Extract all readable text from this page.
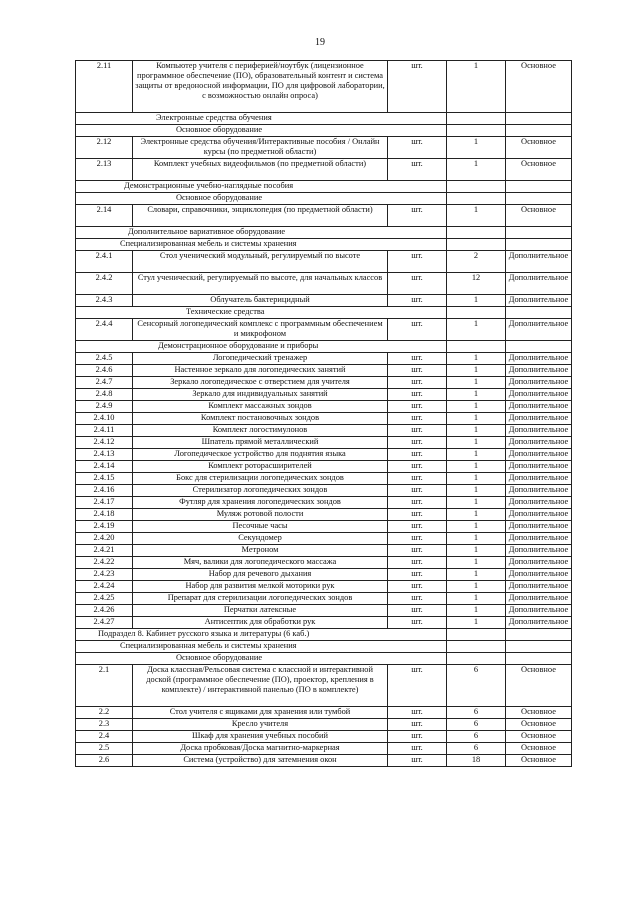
19
2.11	Компьютер учителя с периферией/ноутбук (лицензионное программное обеспечение (ПО), образовательный контент и система защиты от вредоносной информации, ПО для цифровой лаборатории, с возможностью онлайн опроса)	шт.	1	Основное
Электронные средства обучения				
Основное оборудование				
2.12	Электронные средства обучения/Интерактивные пособия / Онлайн курсы (по предметной области)	шт.	1	Основное
2.13	Комплект учебных видеофильмов (по предметной области)	шт.	1	Основное
Демонстрационные учебно-наглядные пособия				
Основное оборудование				
2.14	Словари, справочники, энциклопедия (по предметной области)	шт.	1	Основное
Дополнительное вариативное оборудование				
Специализированная мебель и системы хранения				
2.4.1	Стол ученический модульный, регулируемый по высоте	шт.	2	Дополнительное
2.4.2	Стул ученический, регулируемый по высоте, для начальных классов	шт.	12	Дополнительное
2.4.3	Облучатель бактерицидный	шт.	1	Дополнительное
Технические средства				
2.4.4	Сенсорный логопедический комплекс с программным обеспечением и микрофоном	шт.	1	Дополнительное
Демонстрационное оборудование и приборы				
2.4.5	Логопедический тренажер	шт.	1	Дополнительное
2.4.6	Настенное зеркало для логопедических занятий	шт.	1	Дополнительное
2.4.7	Зеркало логопедическое с отверстием для учителя	шт.	1	Дополнительное
2.4.8	Зеркало для индивидуальных занятий	шт.	1	Дополнительное
2.4.9	Комплект массажных зондов	шт.	1	Дополнительное
2.4.10	Комплект постановочных зондов	шт.	1	Дополнительное
2.4.11	Комплект логостимулонов	шт.	1	Дополнительное
2.4.12	Шпатель прямой металлический	шт.	1	Дополнительное
2.4.13	Логопедическое устройство для поднятия языка	шт.	1	Дополнительное
2.4.14	Комплект роторасширителей	шт.	1	Дополнительное
2.4.15	Бокс для стерилизации логопедических зондов	шт.	1	Дополнительное
2.4.16	Стерилизатор логопедических зондов	шт.	1	Дополнительное
2.4.17	Футляр для хранения логопедических зондов	шт.	1	Дополнительное
2.4.18	Муляж ротовой полости	шт.	1	Дополнительное
2.4.19	Песочные часы	шт.	1	Дополнительное
2.4.20	Секундомер	шт.	1	Дополнительное
2.4.21	Метроном	шт.	1	Дополнительное
2.4.22	Мяч, валики для логопедического массажа	шт.	1	Дополнительное
2.4.23	Набор для речевого дыхания	шт.	1	Дополнительное
2.4.24	Набор для развития мелкой моторики рук	шт.	1	Дополнительное
2.4.25	Препарат для стерилизации логопедических зондов	шт.	1	Дополнительное
2.4.26	Перчатки латексные	шт.	1	Дополнительное
2.4.27	Антисептик для обработки рук	шт.	1	Дополнительное
Подраздел 8. Кабинет русского языка и литературы (6 каб.)				
Специализированная мебель и системы хранения				
Основное оборудование				
2.1	Доска классная/Рельсовая система с классной и интерактивной доской (программное обеспечение (ПО), проектор, крепления в комплекте) / интерактивной панелью (ПО в комплекте)	шт.	6	Основное
2.2	Стол учителя с ящиками для хранения или тумбой	шт.	6	Основное
2.3	Кресло учителя	шт.	6	Основное
2.4	Шкаф для хранения учебных пособий	шт.	6	Основное
2.5	Доска пробковая/Доска магнитно-маркерная	шт.	6	Основное
2.6	Система (устройство) для затемнения окон	шт.	18	Основное
